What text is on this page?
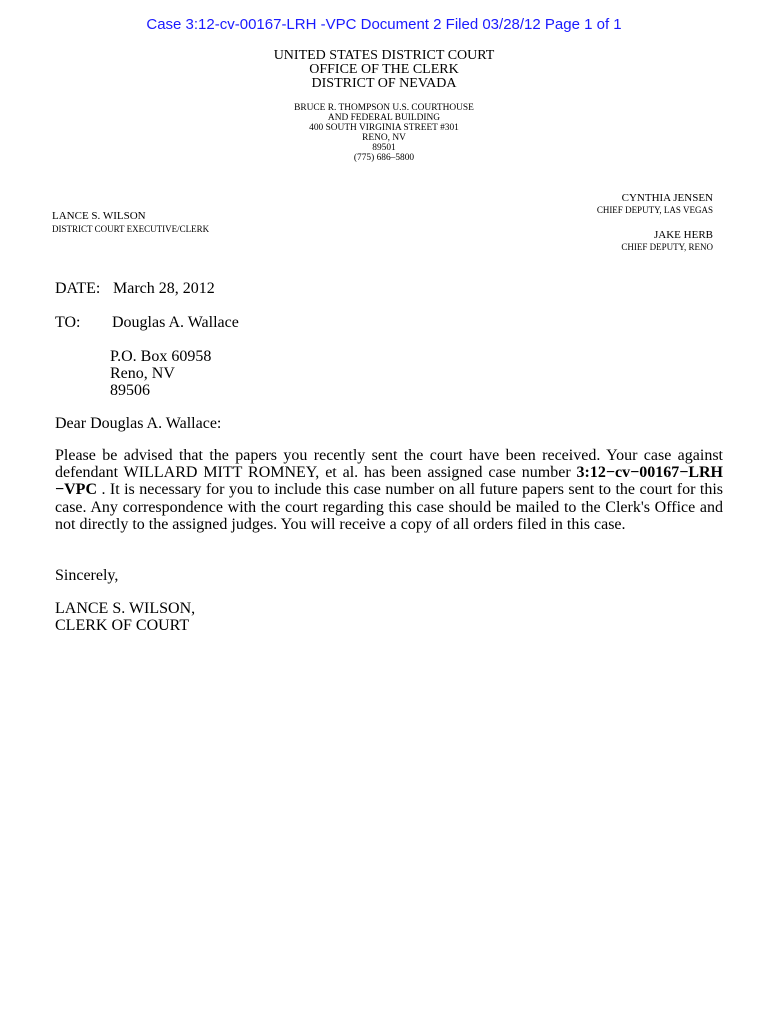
Case 3:12-cv-00167-LRH -VPC Document 2 Filed 03/28/12 Page 1 of 1
UNITED STATES DISTRICT COURT
OFFICE OF THE CLERK
DISTRICT OF NEVADA
BRUCE R. THOMPSON U.S. COURTHOUSE
AND FEDERAL BUILDING
400 SOUTH VIRGINIA STREET #301
RENO, NV
89501
(775) 686–5800
CYNTHIA JENSEN
CHIEF DEPUTY, LAS VEGAS
LANCE S. WILSON
DISTRICT COURT EXECUTIVE/CLERK	JAKE HERB
CHIEF DEPUTY, RENO
DATE: March 28, 2012
TO: Douglas A. Wallace
P.O. Box 60958
Reno, NV
89506
Dear Douglas A. Wallace:
Please be advised that the papers you recently sent the court have been received. Your case against defendant WILLARD MITT ROMNEY, et al. has been assigned case number 3:12−cv−00167−LRH −VPC . It is necessary for you to include this case number on all future papers sent to the court for this case. Any correspondence with the court regarding this case should be mailed to the Clerk's Office and not directly to the assigned judges. You will receive a copy of all orders filed in this case.
Sincerely,
LANCE S. WILSON,
CLERK OF COURT
